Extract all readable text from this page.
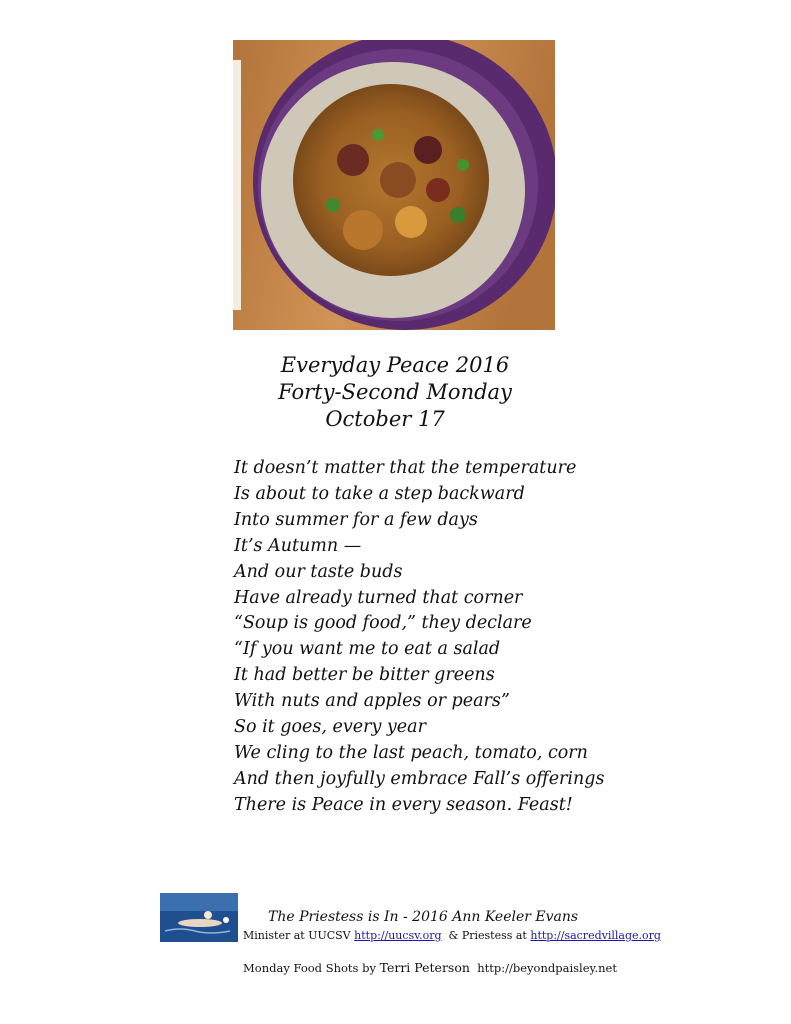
Everyday Peace 2016
Forty-Second Monday
October 17
It doesn’t matter that the temperature
Is about to take a step backward
Into summer for a few days
It’s Autumn —
And our taste buds
Have already turned that corner
“Soup is good food,” they declare
“If you want me to eat a salad
It had better be bitter greens
With nuts and apples or pears”
So it goes, every year
We cling to the last peach, tomato, corn
And then joyfully embrace Fall’s offerings
There is Peace in every season. Feast!
The Priestess is In - 2016 Ann Keeler Evans
Minister at UUCSV http://uucsv.org & Priestess at http://sacredvillage.org
Monday Food Shots by Terri Peterson http://beyondpaisley.net
